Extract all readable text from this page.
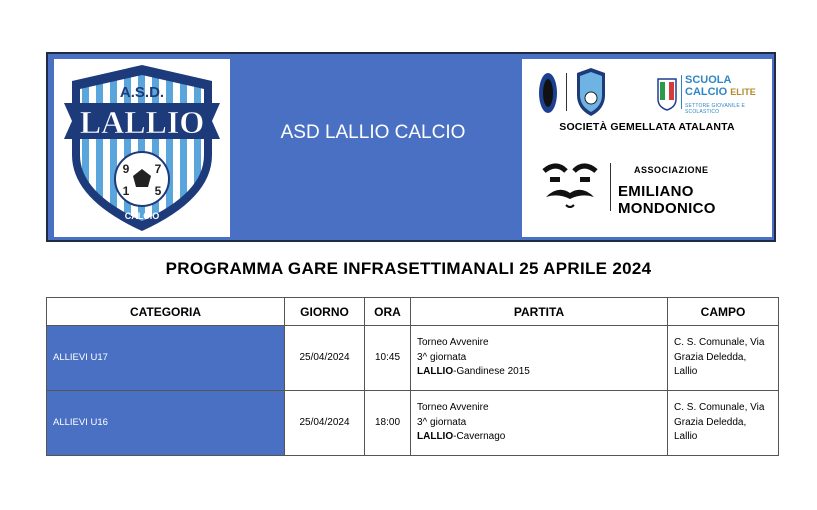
A.S.D.
LALLIO
9 7
1 5
CALCIO
ASD LALLIO CALCIO
SCUOLA
CALCIO ELITE
SETTORE GIOVANILE E SCOLASTICO
SOCIETÀ GEMELLATA ATALANTA
ASSOCIAZIONE
EMILIANO MONDONICO
PROGRAMMA GARE INFRASETTIMANALI 25 APRILE 2024
CATEGORIA	GIORNO	ORA	PARTITA	CAMPO
ALLIEVI U17	25/04/2024	10:45	Torneo Avvenire
3^ giornata
LALLIO-Gandinese 2015	C. S. Comunale, Via Grazia Deledda, Lallio
ALLIEVI U16	25/04/2024	18:00	Torneo Avvenire
3^ giornata
LALLIO-Cavernago	C. S. Comunale, Via Grazia Deledda, Lallio
